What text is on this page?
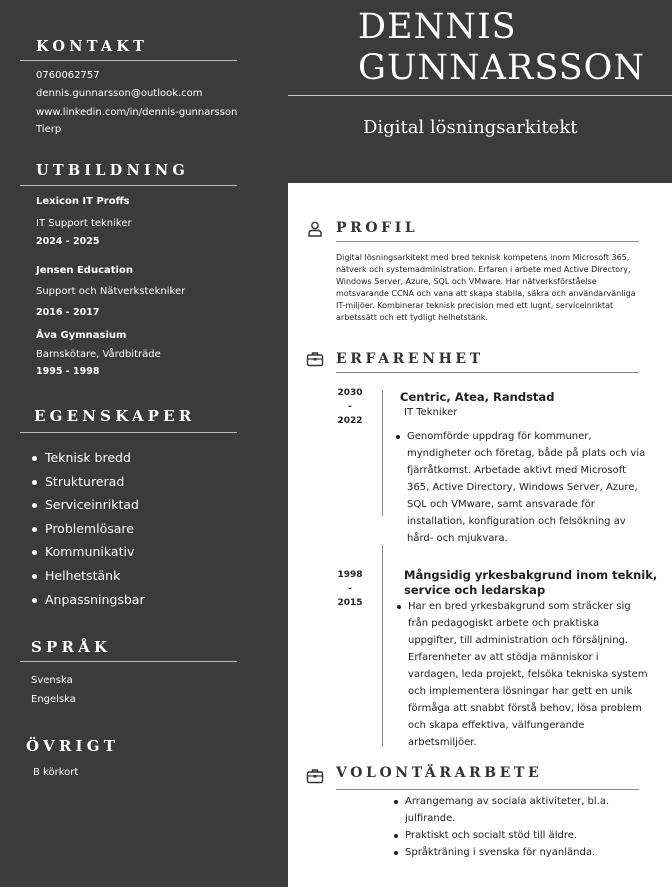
KONTAKT
0760062757
dennis.gunnarsson@outlook.com
www.linkedin.com/in/dennis-gunnarsson
Tierp
UTBILDNING
Lexicon IT Proffs
IT Support tekniker
2024 - 2025
Jensen Education
Support och Nätverkstekniker
2016 - 2017
Åva Gymnasium
Barnskötare, Vårdbiträde
1995 - 1998
EGENSKAPER
Teknisk bredd
Strukturerad
Serviceinriktad
Problemlösare
Kommunikativ
Helhetstänk
Anpassningsbar
SPRÅK
Svenska
Engelska
ÖVRIGT
B körkort
DENNIS
GUNNARSSON
Digital lösningsarkitekt
PROFIL
Digital lösningsarkitekt med bred teknisk kompetens inom Microsoft 365, nätverk och systemadministration. Erfaren i arbete med Active Directory, Windows Server, Azure, SQL och VMware. Har nätverksförståelse motsvarande CCNA och vana att skapa stabila, säkra och användarvänliga IT-miljöer. Kombinerar teknisk precision med ett lugnt, serviceinriktat arbetssätt och ett tydligt helhetstänk.
ERFARENHET
2030
-
2022
Centric, Atea, Randstad
IT Tekniker
Genomförde uppdrag för kommuner, myndigheter och företag, både på plats och via fjärråtkomst. Arbetade aktivt med Microsoft 365, Active Directory, Windows Server, Azure, SQL och VMware, samt ansvarade för installation, konfiguration och felsökning av hård- och mjukvara.
1998
-
2015
Mångsidig yrkesbakgrund inom teknik,
service och ledarskap
Har en bred yrkesbakgrund som sträcker sig från pedagogiskt arbete och praktiska uppgifter, till administration och försäljning. Erfarenheter av att stödja människor i vardagen, leda projekt, felsöka tekniska system och implementera lösningar har gett en unik förmåga att snabbt förstå behov, lösa problem och skapa effektiva, välfungerande arbetsmiljöer.
VOLONTÄRARBETE
Arrangemang av sociala aktiviteter, bl.a. julfirande.
Praktiskt och socialt stöd till äldre.
Språkträning i svenska för nyanlända.
